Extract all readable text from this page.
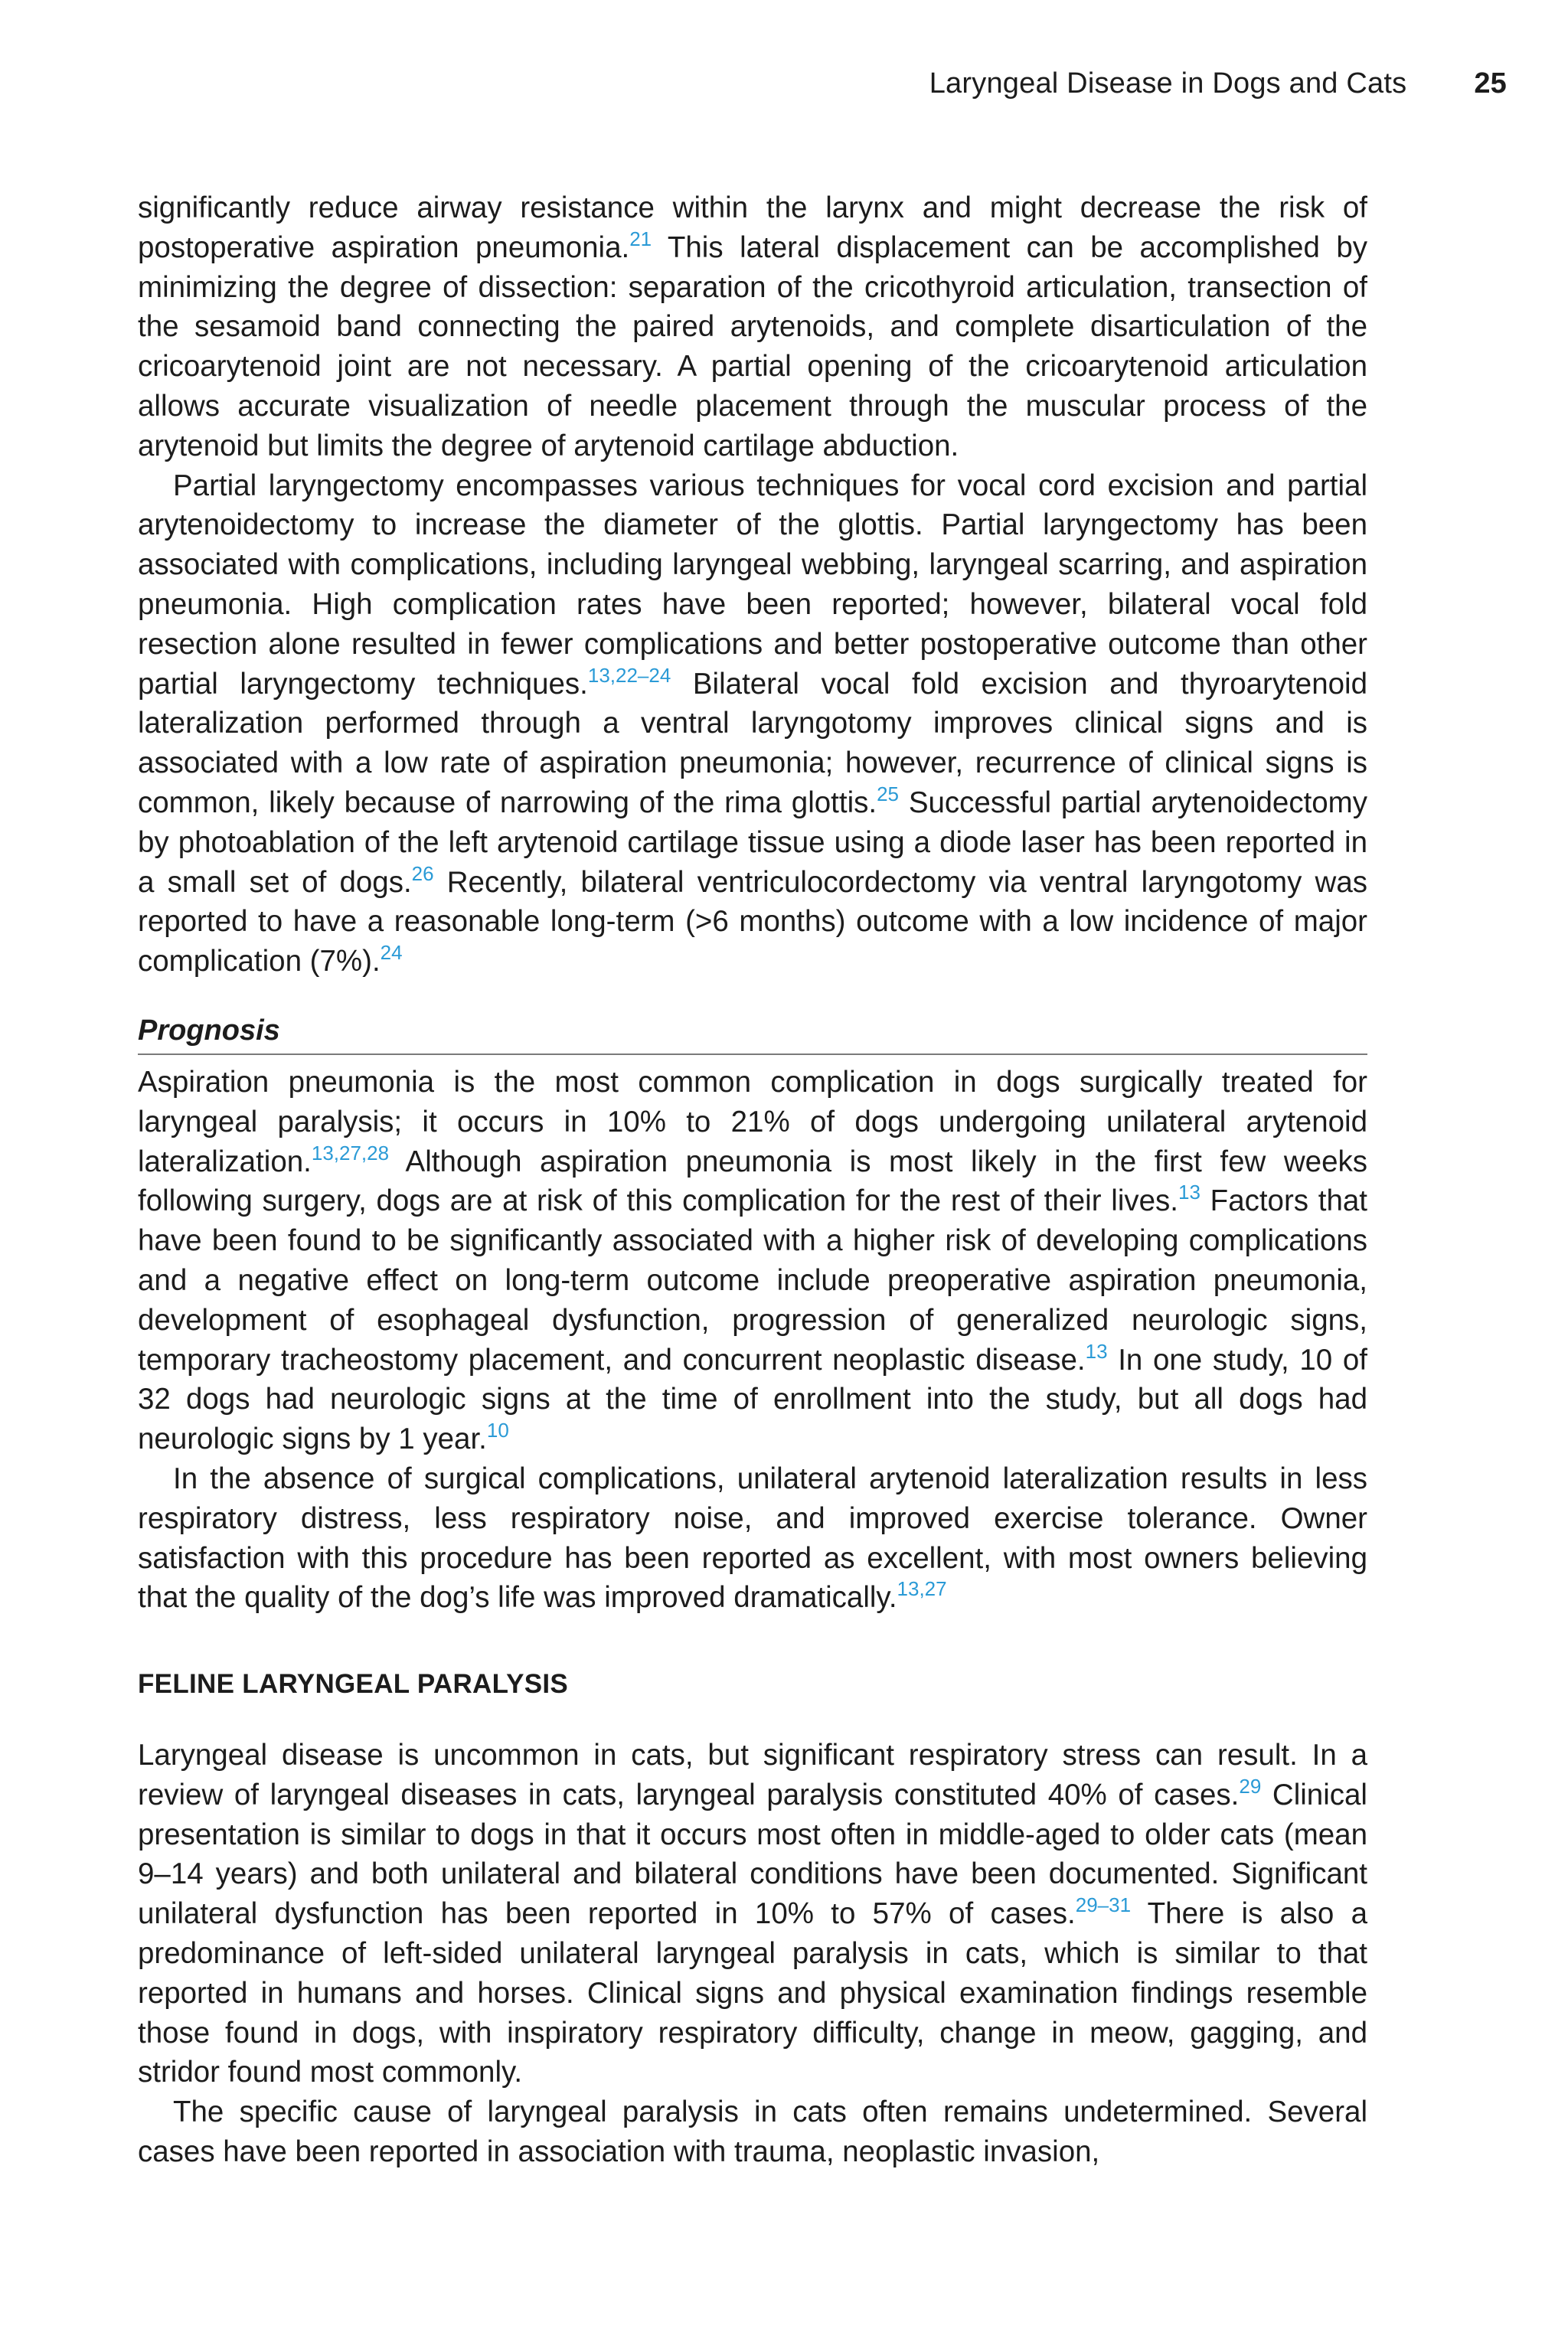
Laryngeal Disease in Dogs and Cats 25

significantly reduce airway resistance within the larynx and might decrease the risk of postoperative aspiration pneumonia.$^{21}$ This lateral displacement can be accomplished by minimizing the degree of dissection: separation of the cricothyroid articulation, transection of the sesamoid band connecting the paired arytenoids, and complete disarticulation of the cricoarytenoid joint are not necessary. A partial opening of the cricoarytenoid articulation allows accurate visualization of needle placement through the muscular process of the arytenoid but limits the degree of arytenoid cartilage abduction.

Partial laryngectomy encompasses various techniques for vocal cord excision and partial arytenoidectomy to increase the diameter of the glottis. Partial laryngectomy has been associated with complications, including laryngeal webbing, laryngeal scarring, and aspiration pneumonia. High complication rates have been reported; however, bilateral vocal fold resection alone resulted in fewer complications and better postoperative outcome than other partial laryngectomy techniques.$^{13,22-24}$ Bilateral vocal fold excision and thyroarytenoid lateralization performed through a ventral laryngotomy improves clinical signs and is associated with a low rate of aspiration pneumonia; however, recurrence of clinical signs is common, likely because of narrowing of the rima glottis.$^{25}$ Successful partial arytenoidectomy by photoablation of the left arytenoid cartilage tissue using a diode laser has been reported in a small set of dogs.$^{26}$ Recently, bilateral ventriculocordectomy via ventral laryngotomy was reported to have a reasonable long-term (>6 months) outcome with a low incidence of major complication (7%).$^{24}$

Prognosis

Aspiration pneumonia is the most common complication in dogs surgically treated for laryngeal paralysis; it occurs in 10% to 21% of dogs undergoing unilateral arytenoid lateralization.$^{13,27,28}$ Although aspiration pneumonia is most likely in the first few weeks following surgery, dogs are at risk of this complication for the rest of their lives.$^{13}$ Factors that have been found to be significantly associated with a higher risk of developing complications and a negative effect on long-term outcome include preoperative aspiration pneumonia, development of esophageal dysfunction, progression of generalized neurologic signs, temporary tracheostomy placement, and concurrent neoplastic disease.$^{13}$ In one study, 10 of 32 dogs had neurologic signs at the time of enrollment into the study, but all dogs had neurologic signs by 1 year.$^{10}$

In the absence of surgical complications, unilateral arytenoid lateralization results in less respiratory distress, less respiratory noise, and improved exercise tolerance. Owner satisfaction with this procedure has been reported as excellent, with most owners believing that the quality of the dog’s life was improved dramatically.$^{13,27}$

FELINE LARYNGEAL PARALYSIS

Laryngeal disease is uncommon in cats, but significant respiratory stress can result. In a review of laryngeal diseases in cats, laryngeal paralysis constituted 40% of cases.$^{29}$ Clinical presentation is similar to dogs in that it occurs most often in middle-aged to older cats (mean 9–14 years) and both unilateral and bilateral conditions have been documented. Significant unilateral dysfunction has been reported in 10% to 57% of cases.$^{29-31}$ There is also a predominance of left-sided unilateral laryngeal paralysis in cats, which is similar to that reported in humans and horses. Clinical signs and physical examination findings resemble those found in dogs, with inspiratory respiratory difficulty, change in meow, gagging, and stridor found most commonly.

The specific cause of laryngeal paralysis in cats often remains undetermined. Several cases have been reported in association with trauma, neoplastic invasion,
